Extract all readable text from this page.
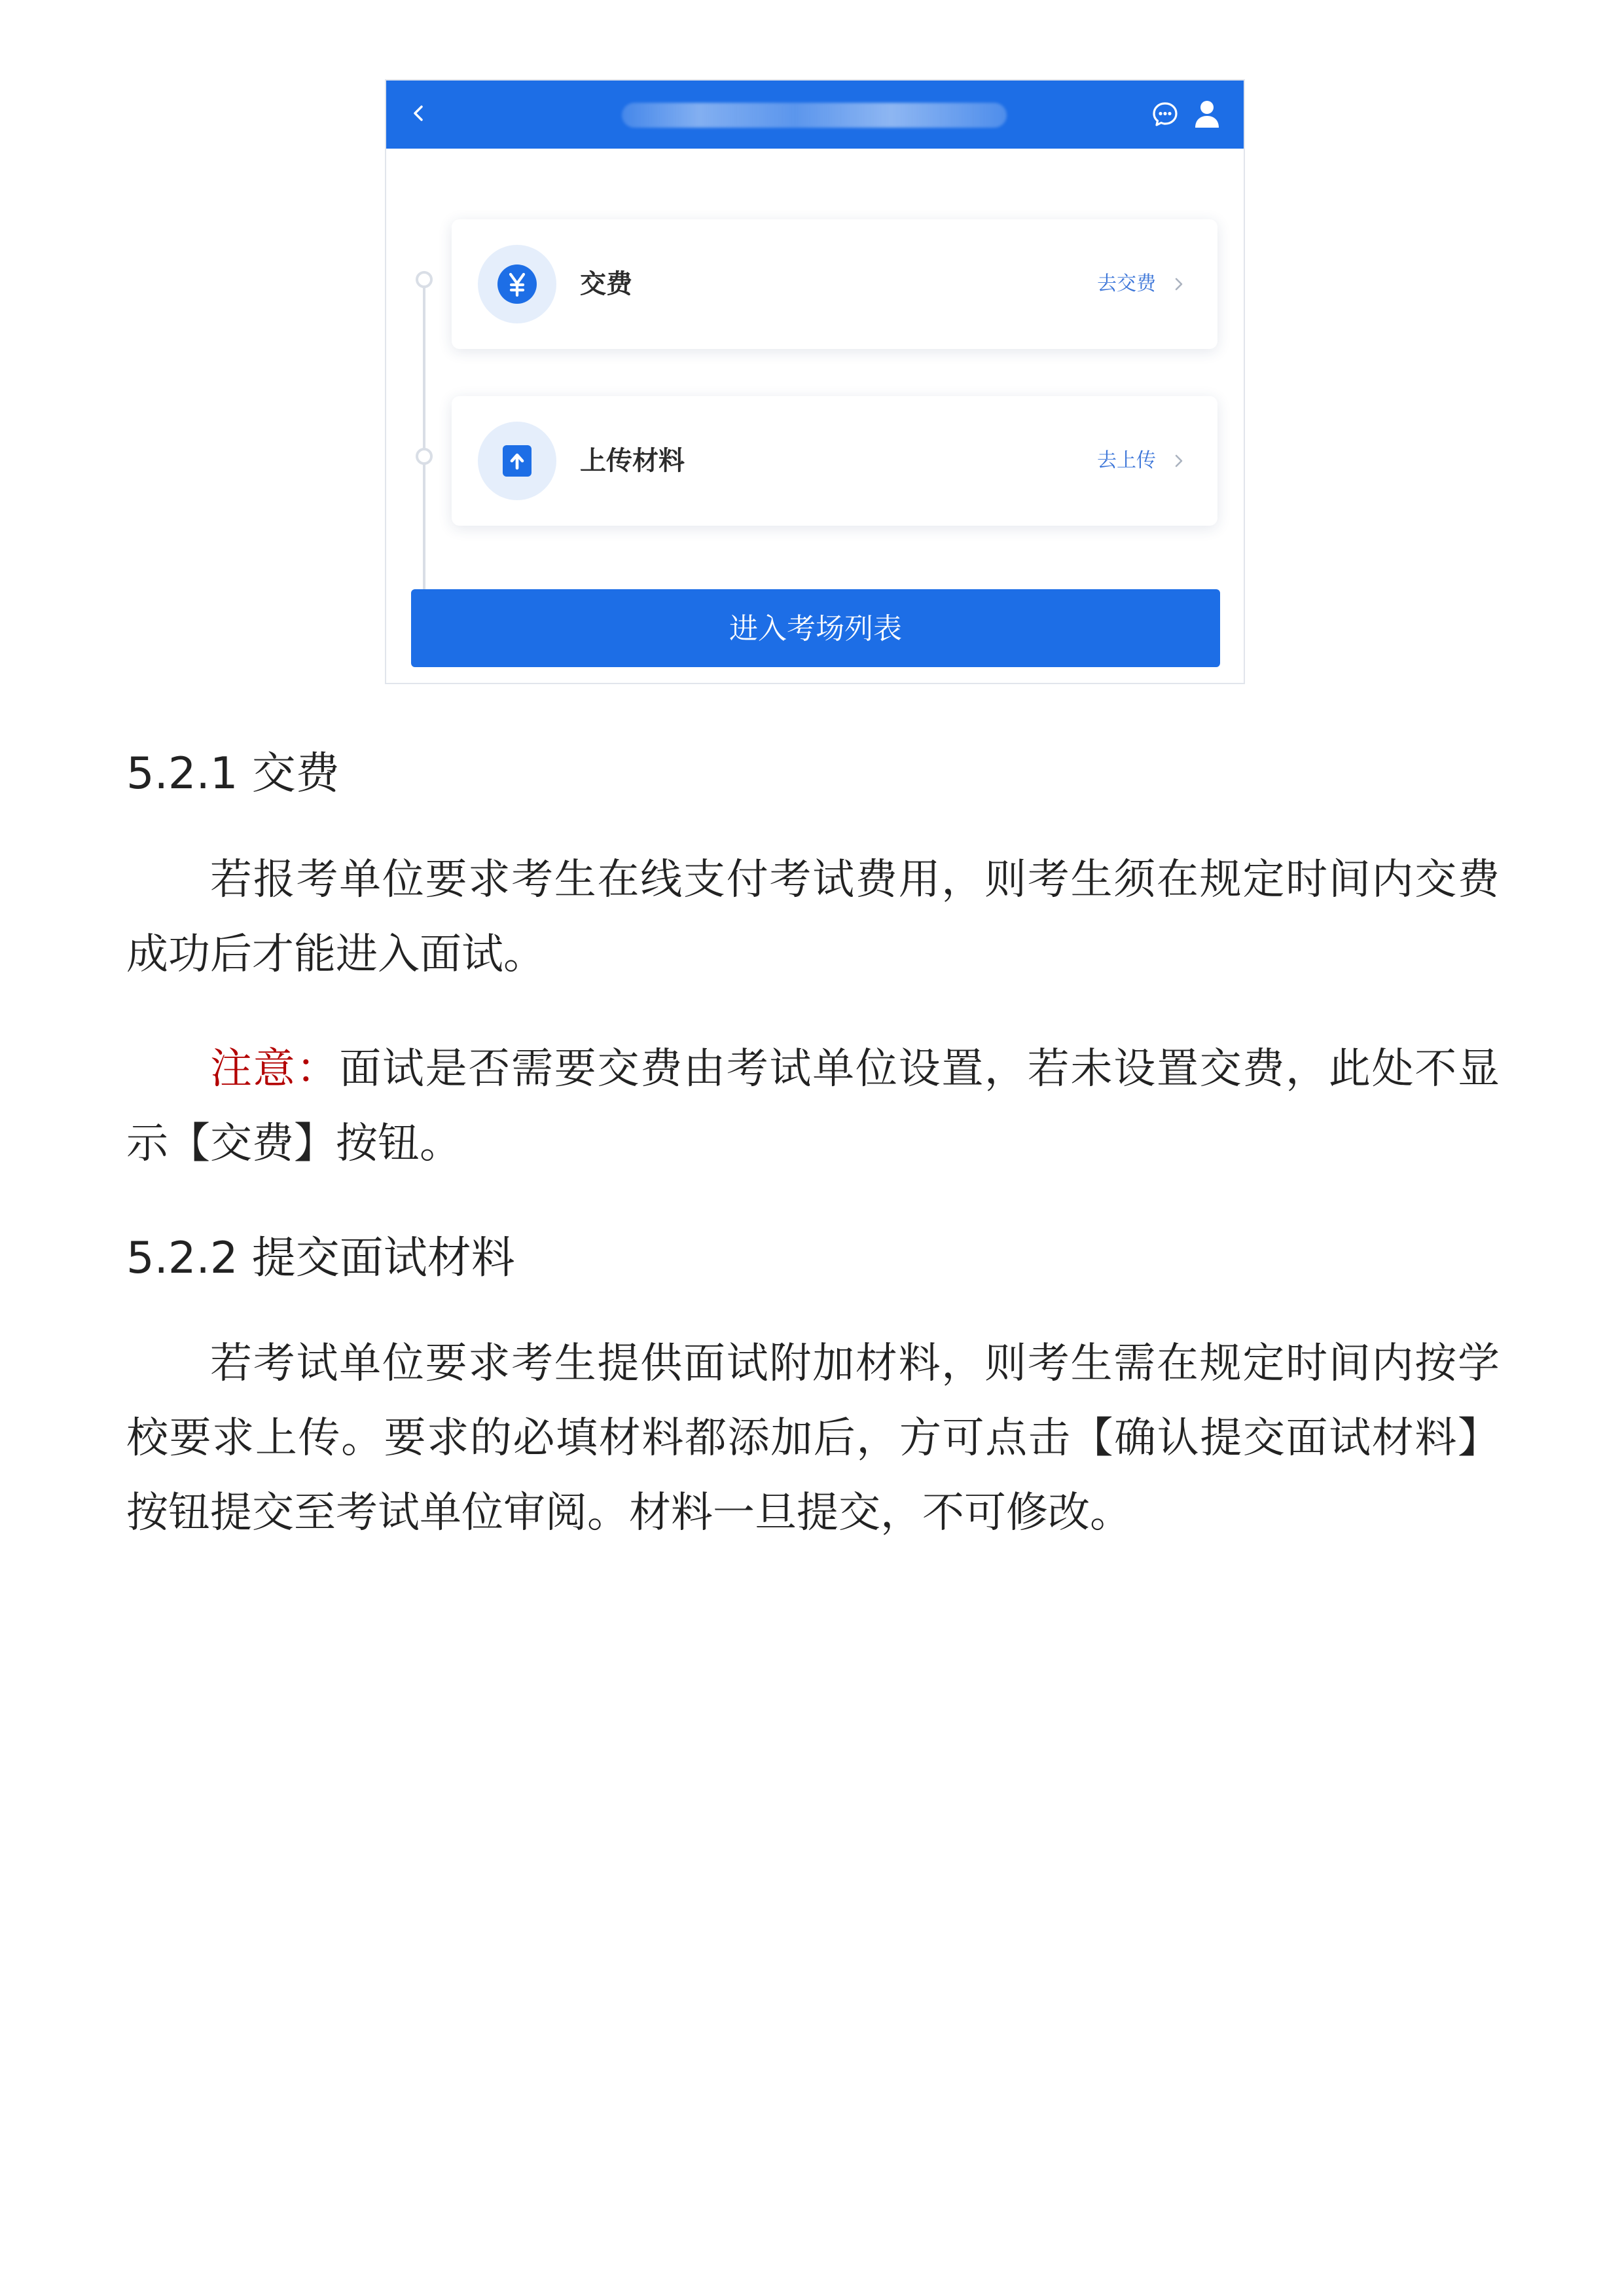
交费	去交费
上传材料	去上传
进入考场列表
5.2.1 交费

若报考单位要求考生在线支付考试费用，则考生须在规定时间内交费成功后才能进入面试。

注意：面试是否需要交费由考试单位设置，若未设置交费，此处不显示【交费】按钮。

5.2.2 提交面试材料

若考试单位要求考生提供面试附加材料，则考生需在规定时间内按学校要求上传。要求的必填材料都添加后，方可点击【确认提交面试材料】按钮提交至考试单位审阅。材料一旦提交，不可修改。
